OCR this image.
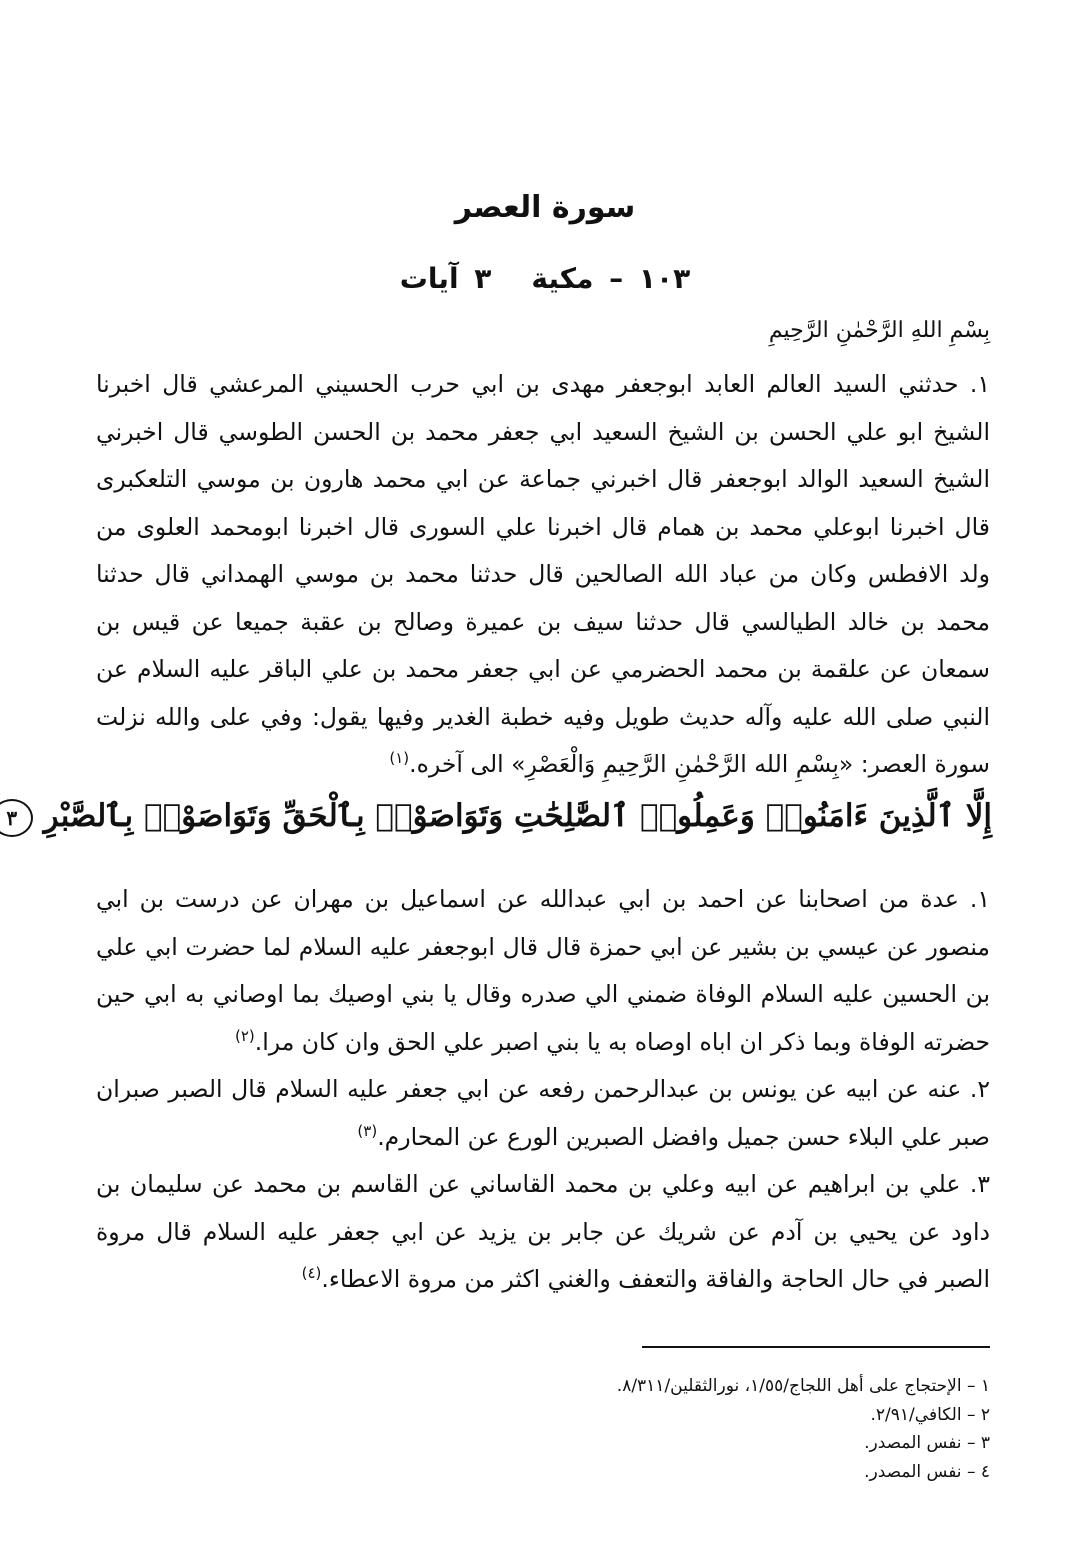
سورة العصر
١٠٣ – مكية٣ آيات
بِسْمِ اللهِ الرَّحْمٰنِ الرَّحِيمِ

١. حدثني السيد العالم العابد ابوجعفر مهدى بن ابي حرب الحسيني المرعشي قال اخبرنا الشيخ ابو علي الحسن بن الشيخ السعيد ابي جعفر محمد بن الحسن الطوسي قال اخبرني الشيخ السعيد الوالد ابوجعفر قال اخبرني جماعة عن ابي محمد هارون بن موسي التلعكبرى قال اخبرنا ابوعلي محمد بن همام قال اخبرنا علي السورى قال اخبرنا ابومحمد العلوى من ولد الافطس وكان من عباد الله الصالحين قال حدثنا محمد بن موسي الهمداني قال حدثنا محمد بن خالد الطيالسي قال حدثنا سيف بن عميرة وصالح بن عقبة جميعا عن قيس بن سمعان عن علقمة بن محمد الحضرمي عن ابي جعفر محمد بن علي الباقر عليه السلام عن النبي صلى الله عليه وآله حديث طويل وفيه خطبة الغدير وفيها يقول: وفي على والله نزلت سورة العصر: «بِسْمِ الله الرَّحْمٰنِ الرَّحِيمِ وَالْعَصْرِ» الى آخره.$^{(١)}$

إِلَّا ٱلَّذِينَ ءَامَنُوا۟ وَعَمِلُوا۟ ٱلصَّٰلِحَٰتِ وَتَوَاصَوْا۟ بِٱلْحَقِّ وَتَوَاصَوْا۟ بِٱلصَّبْرِ ٣

١. عدة من اصحابنا عن احمد بن ابي عبدالله عن اسماعيل بن مهران عن درست بن ابي منصور عن عيسي بن بشير عن ابي حمزة قال قال ابوجعفر عليه السلام لما حضرت ابي علي بن الحسين عليه السلام الوفاة ضمني الي صدره وقال يا بني اوصيك بما اوصاني به ابي حين حضرته الوفاة وبما ذكر ان اباه اوصاه به يا بني اصبر علي الحق وان كان مرا.$^{(٢)}$

٢. عنه عن ابيه عن يونس بن عبدالرحمن رفعه عن ابي جعفر عليه السلام قال الصبر صبران صبر علي البلاء حسن جميل وافضل الصبرين الورع عن المحارم.$^{(٣)}$

٣. علي بن ابراهيم عن ابيه وعلي بن محمد القاساني عن القاسم بن محمد عن سليمان بن داود عن يحيي بن آدم عن شريك عن جابر بن يزيد عن ابي جعفر عليه السلام قال مروة الصبر في حال الحاجة والفاقة والتعفف والغني اكثر من مروة الاعطاء.$^{(٤)}$

١ – الإحتجاج على أهل اللجاج/١/٥٥، نورالثقلين/٨/٣١١.
٢ – الكافي/٢/٩١.
٣ – نفس المصدر.
٤ – نفس المصدر.
